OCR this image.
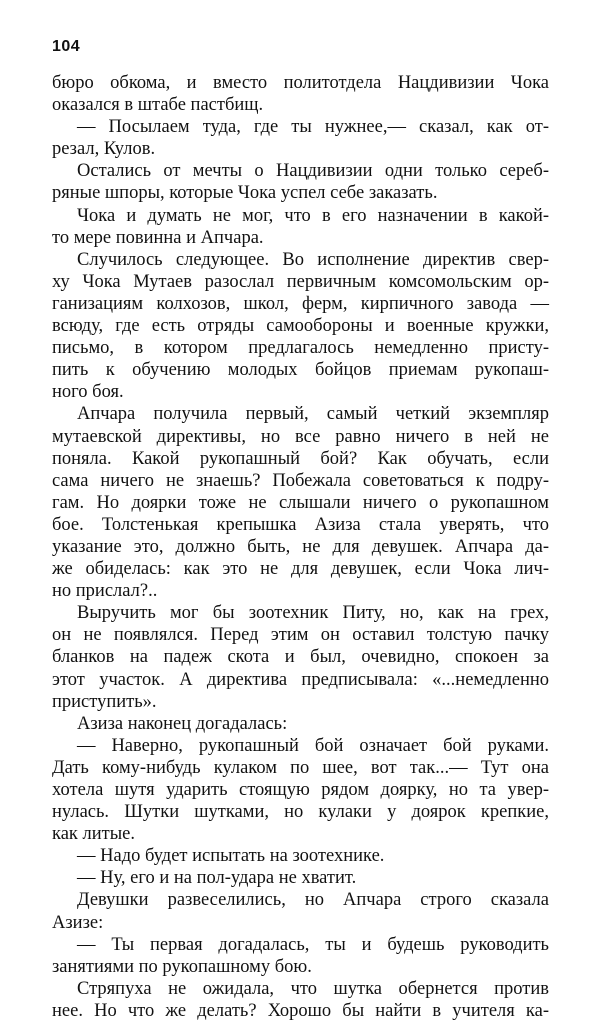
104
бюро обкома, и вместо политотдела Нацдивизии Чока
оказался в штабе пастбищ.
— Посылаем туда, где ты нужнее,— сказал, как от-
резал, Кулов.
Остались от мечты о Нацдивизии одни только сереб-
ряные шпоры, которые Чока успел себе заказать.
Чока и думать не мог, что в его назначении в какой-
то мере повинна и Апчара.
Случилось следующее. Во исполнение директив свер-
ху Чока Мутаев разослал первичным комсомольским ор-
ганизациям колхозов, школ, ферм, кирпичного завода —
всюду, где есть отряды самообороны и военные кружки,
письмо, в котором предлагалось немедленно присту-
пить к обучению молодых бойцов приемам рукопаш-
ного боя.
Апчара получила первый, самый четкий экземпляр
мутаевской директивы, но все равно ничего в ней не
поняла. Какой рукопашный бой? Как обучать, если
сама ничего не знаешь? Побежала советоваться к подру-
гам. Но доярки тоже не слышали ничего о рукопашном
бое. Толстенькая крепышка Азиза стала уверять, что
указание это, должно быть, не для девушек. Апчара да-
же обиделась: как это не для девушек, если Чока лич-
но прислал?..
Выручить мог бы зоотехник Питу, но, как на грех,
он не появлялся. Перед этим он оставил толстую пачку
бланков на падеж скота и был, очевидно, спокоен за
этот участок. А директива предписывала: «...немедленно
приступить».
Азиза наконец догадалась:
— Наверно, рукопашный бой означает бой руками.
Дать кому-нибудь кулаком по шее, вот так...— Тут она
хотела шутя ударить стоящую рядом доярку, но та увер-
нулась. Шутки шутками, но кулаки у доярок крепкие,
как литые.
— Надо будет испытать на зоотехнике.
— Ну, его и на пол-удара не хватит.
Девушки развеселились, но Апчара строго сказала
Азизе:
— Ты первая догадалась, ты и будешь руководить
занятиями по рукопашному бою.
Стряпуха не ожидала, что шутка обернется против
нее. Но что же делать? Хорошо бы найти в учителя ка-
